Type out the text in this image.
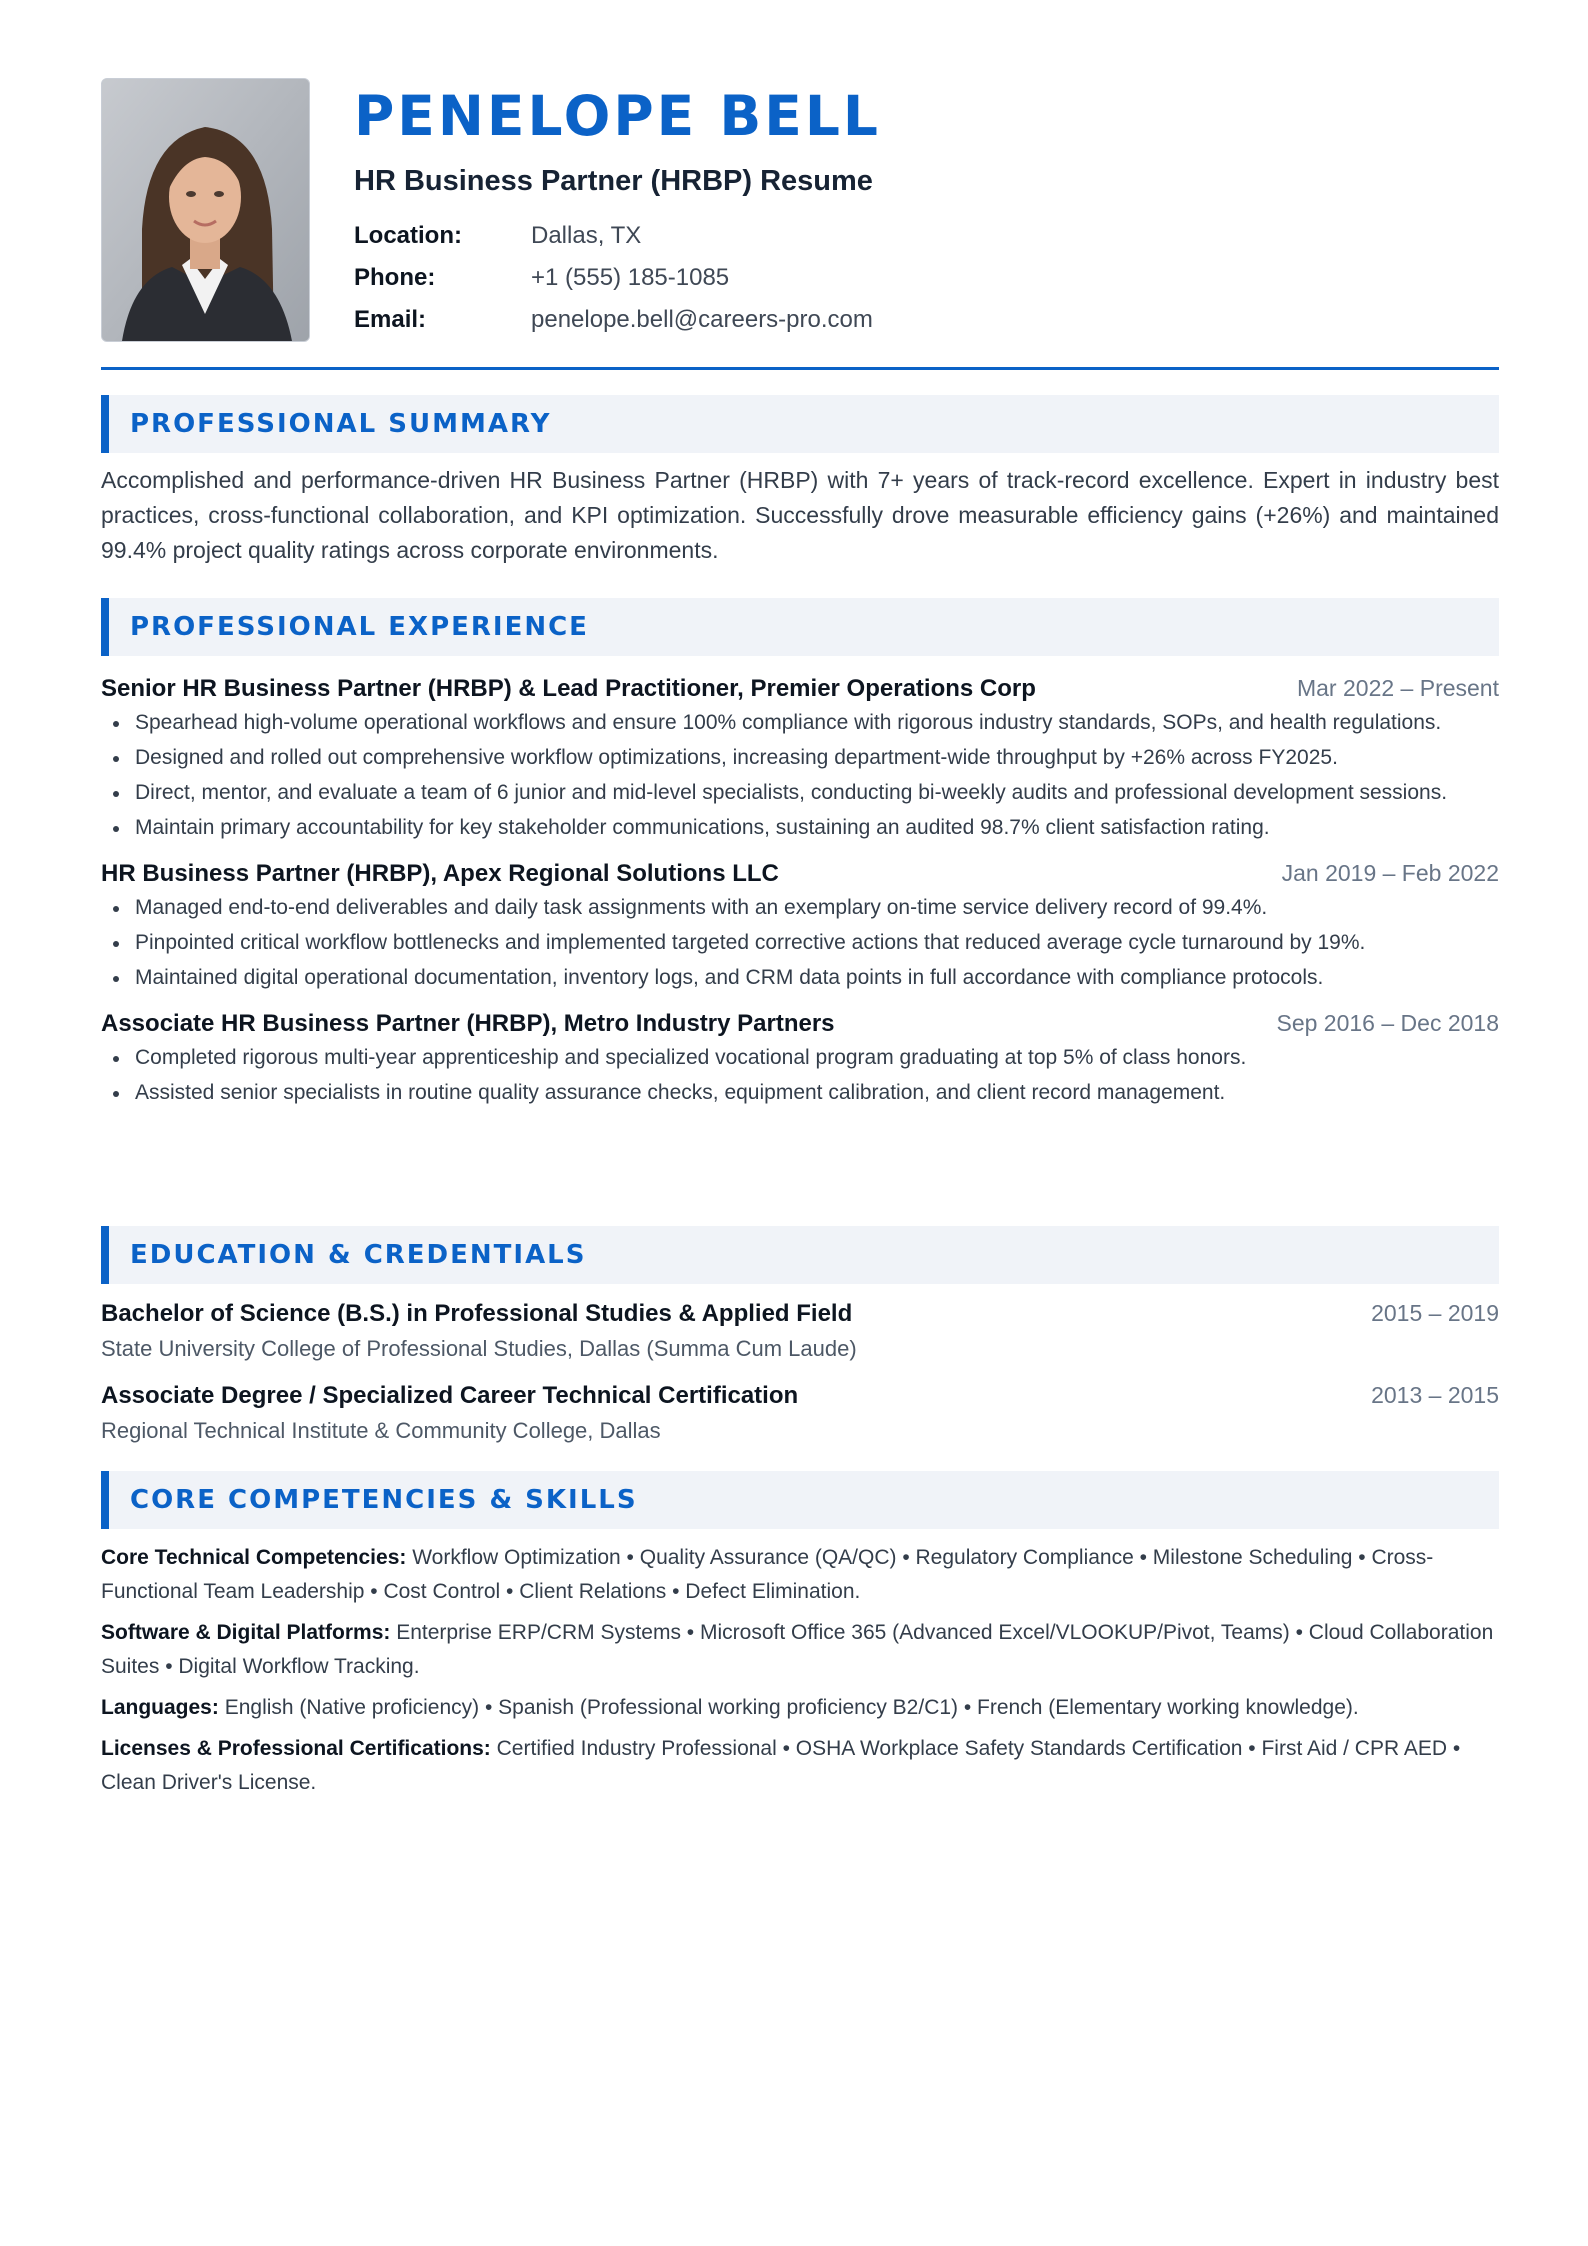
PENELOPE BELL
HR Business Partner (HRBP) Resume
Location:	Dallas, TX
Phone:	+1 (555) 185-1085
Email:	penelope.bell@careers-pro.com
PROFESSIONAL SUMMARY

Accomplished and performance-driven HR Business Partner (HRBP) with 7+ years of track-record excellence. Expert in industry best practices, cross-functional collaboration, and KPI optimization. Successfully drove measurable efficiency gains (+26%) and maintained 99.4% project quality ratings across corporate environments.

PROFESSIONAL EXPERIENCE
Senior HR Business Partner (HRBP) & Lead Practitioner, Premier Operations Corp	Mar 2022 – Present
Spearhead high-volume operational workflows and ensure 100% compliance with rigorous industry standards, SOPs, and health regulations.
Designed and rolled out comprehensive workflow optimizations, increasing department-wide throughput by +26% across FY2025.
Direct, mentor, and evaluate a team of 6 junior and mid-level specialists, conducting bi-weekly audits and professional development sessions.
Maintain primary accountability for key stakeholder communications, sustaining an audited 98.7% client satisfaction rating.
HR Business Partner (HRBP), Apex Regional Solutions LLC	Jan 2019 – Feb 2022
Managed end-to-end deliverables and daily task assignments with an exemplary on-time service delivery record of 99.4%.
Pinpointed critical workflow bottlenecks and implemented targeted corrective actions that reduced average cycle turnaround by 19%.
Maintained digital operational documentation, inventory logs, and CRM data points in full accordance with compliance protocols.
Associate HR Business Partner (HRBP), Metro Industry Partners	Sep 2016 – Dec 2018
Completed rigorous multi-year apprenticeship and specialized vocational program graduating at top 5% of class honors.
Assisted senior specialists in routine quality assurance checks, equipment calibration, and client record management.
EDUCATION & CREDENTIALS
Bachelor of Science (B.S.) in Professional Studies & Applied Field	2015 – 2019
State University College of Professional Studies, Dallas (Summa Cum Laude)
Associate Degree / Specialized Career Technical Certification	2013 – 2015
Regional Technical Institute & Community College, Dallas
CORE COMPETENCIES & SKILLS

Core Technical Competencies: Workflow Optimization • Quality Assurance (QA/QC) • Regulatory Compliance • Milestone Scheduling • Cross-Functional Team Leadership • Cost Control • Client Relations • Defect Elimination.

Software & Digital Platforms: Enterprise ERP/CRM Systems • Microsoft Office 365 (Advanced Excel/VLOOKUP/Pivot, Teams) • Cloud Collaboration Suites • Digital Workflow Tracking.

Languages: English (Native proficiency) • Spanish (Professional working proficiency B2/C1) • French (Elementary working knowledge).

Licenses & Professional Certifications: Certified Industry Professional • OSHA Workplace Safety Standards Certification • First Aid / CPR AED • Clean Driver's License.
